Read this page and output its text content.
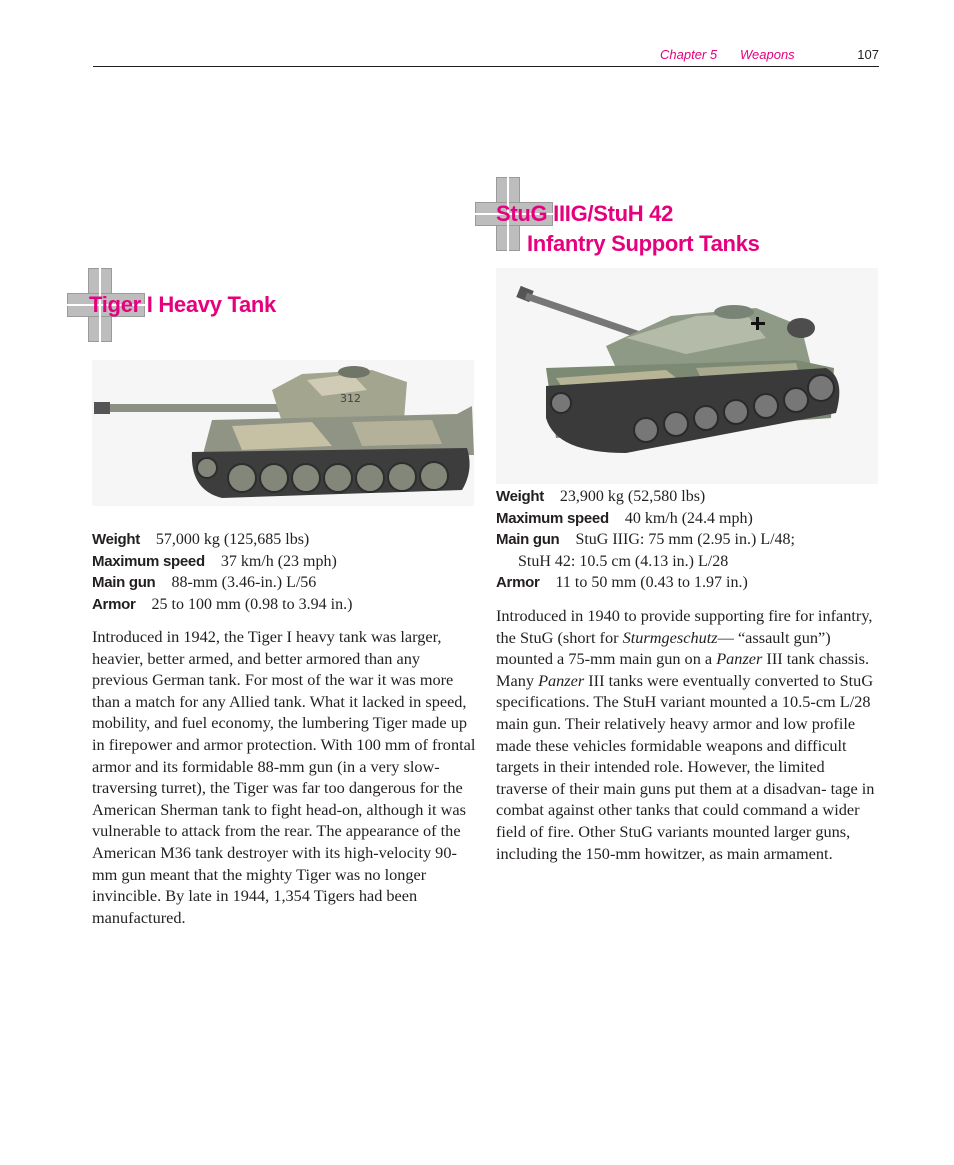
Chapter 5 Weapons	107
StuG IIIG/StuH 42
Infantry Support Tanks
Tiger I Heavy Tank
312
Weight 23,900 kg (52,580 lbs)
Maximum speed 40 km/h (24.4 mph)
Main gun StuG IIIG: 75 mm (2.95 in.) L/48;
StuH 42: 10.5 cm (4.13 in.) L/28
Armor 11 to 50 mm (0.43 to 1.97 in.)
Weight 57,000 kg (125,685 lbs)
Maximum speed 37 km/h (23 mph)
Main gun 88-mm (3.46-in.) L/56
Armor 25 to 100 mm (0.98 to 3.94 in.)

Introduced in 1940 to provide supporting fire for infantry, the StuG (short for Sturmgeschutz— “assault gun”) mounted a 75-mm main gun on a Panzer III tank chassis. Many Panzer III tanks were eventually converted to StuG specifications. The StuH variant mounted a 10.5-cm L/28 main gun. Their relatively heavy armor and low profile made these vehicles formidable weapons and difficult targets in their intended role. However, the limited traverse of their main guns put them at a disadvan- tage in combat against other tanks that could command a wider field of fire. Other StuG variants mounted larger guns, including the 150-mm howitzer, as main armament.

Introduced in 1942, the Tiger I heavy tank was larger, heavier, better armed, and better armored than any previous German tank. For most of the war it was more than a match for any Allied tank. What it lacked in speed, mobility, and fuel economy, the lumbering Tiger made up in firepower and armor protection. With 100 mm of frontal armor and its formidable 88-mm gun (in a very slow-traversing turret), the Tiger was far too dangerous for the American Sherman tank to fight head-on, although it was vulnerable to attack from the rear. The appearance of the American M36 tank destroyer with its high-velocity 90-mm gun meant that the mighty Tiger was no longer invincible. By late in 1944, 1,354 Tigers had been manufactured.
